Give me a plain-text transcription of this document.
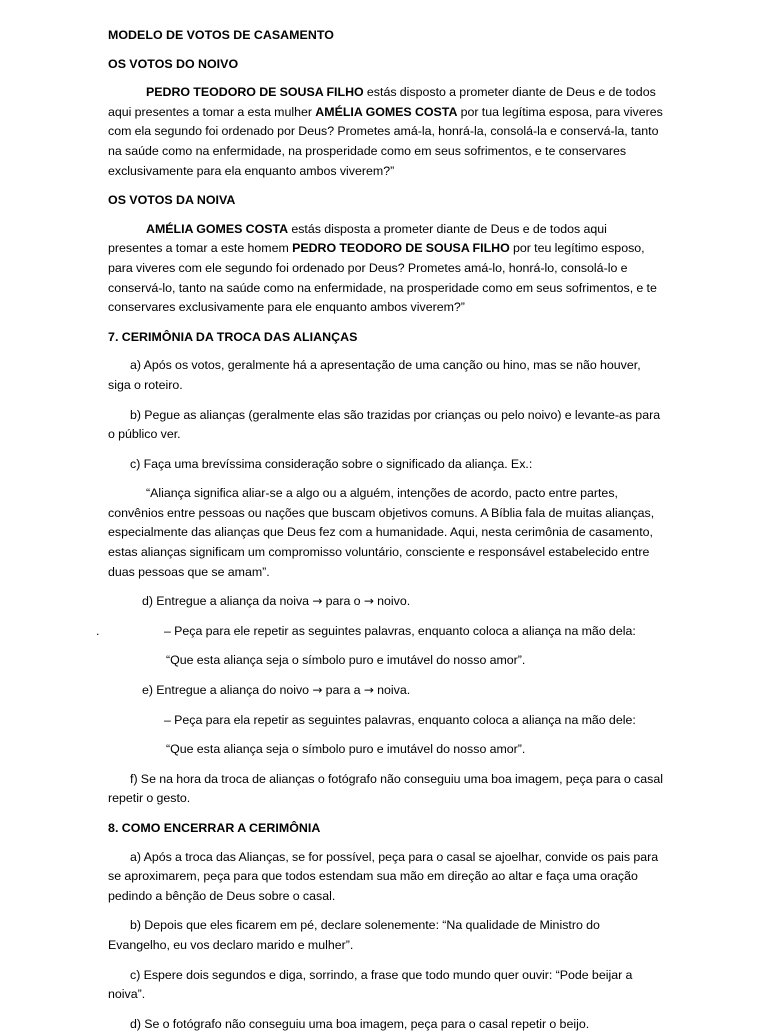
MODELO DE VOTOS DE CASAMENTO

OS VOTOS DO NOIVO

PEDRO TEODORO DE SOUSA FILHO estás disposto a prometer diante de Deus e de todos aqui presentes a tomar a esta mulher AMÉLIA GOMES COSTA por tua legítima esposa, para viveres com ela segundo foi ordenado por Deus? Prometes amá-la, honrá-la, consolá-la e conservá-la, tanto na saúde como na enfermidade, na prosperidade como em seus sofrimentos, e te conservares exclusivamente para ela enquanto ambos viverem?”

OS VOTOS DA NOIVA

AMÉLIA GOMES COSTA estás disposta a prometer diante de Deus e de todos aqui presentes a tomar a este homem PEDRO TEODORO DE SOUSA FILHO por teu legítimo esposo, para viveres com ele segundo foi ordenado por Deus? Prometes amá-lo, honrá-lo, consolá-lo e conservá-lo, tanto na saúde como na enfermidade, na prosperidade como em seus sofrimentos, e te conservares exclusivamente para ele enquanto ambos viverem?”

7. CERIMÔNIA DA TROCA DAS ALIANÇAS

a) Após os votos, geralmente há a apresentação de uma canção ou hino, mas se não houver, siga o roteiro.

b) Pegue as alianças (geralmente elas são trazidas por crianças ou pelo noivo) e levante-as para o público ver.

c) Faça uma brevíssima consideração sobre o significado da aliança. Ex.:

“Aliança significa aliar-se a algo ou a alguém, intenções de acordo, pacto entre partes, convênios entre pessoas ou nações que buscam objetivos comuns. A Bíblia fala de muitas alianças, especialmente das alianças que Deus fez com a humanidade. Aqui, nesta cerimônia de casamento, estas alianças significam um compromisso voluntário, consciente e responsável estabelecido entre duas pessoas que se amam”.

d) Entregue a aliança da noiva → para o → noivo.

.	– Peça para ele repetir as seguintes palavras, enquanto coloca a aliança na mão dela:

“Que esta aliança seja o símbolo puro e imutável do nosso amor”.

e) Entregue a aliança do noivo → para a → noiva.

– Peça para ela repetir as seguintes palavras, enquanto coloca a aliança na mão dele:

“Que esta aliança seja o símbolo puro e imutável do nosso amor”.

f) Se na hora da troca de alianças o fotógrafo não conseguiu uma boa imagem, peça para o casal repetir o gesto.

8. COMO ENCERRAR A CERIMÔNIA

a) Após a troca das Alianças, se for possível, peça para o casal se ajoelhar, convide os pais para se aproximarem, peça para que todos estendam sua mão em direção ao altar e faça uma oração pedindo a bênção de Deus sobre o casal.

b) Depois que eles ficarem em pé, declare solenemente: “Na qualidade de Ministro do Evangelho, eu vos declaro marido e mulher”.

c) Espere dois segundos e diga, sorrindo, a frase que todo mundo quer ouvir: “Pode beijar a noiva”.

d) Se o fotógrafo não conseguiu uma boa imagem, peça para o casal repetir o beijo.
